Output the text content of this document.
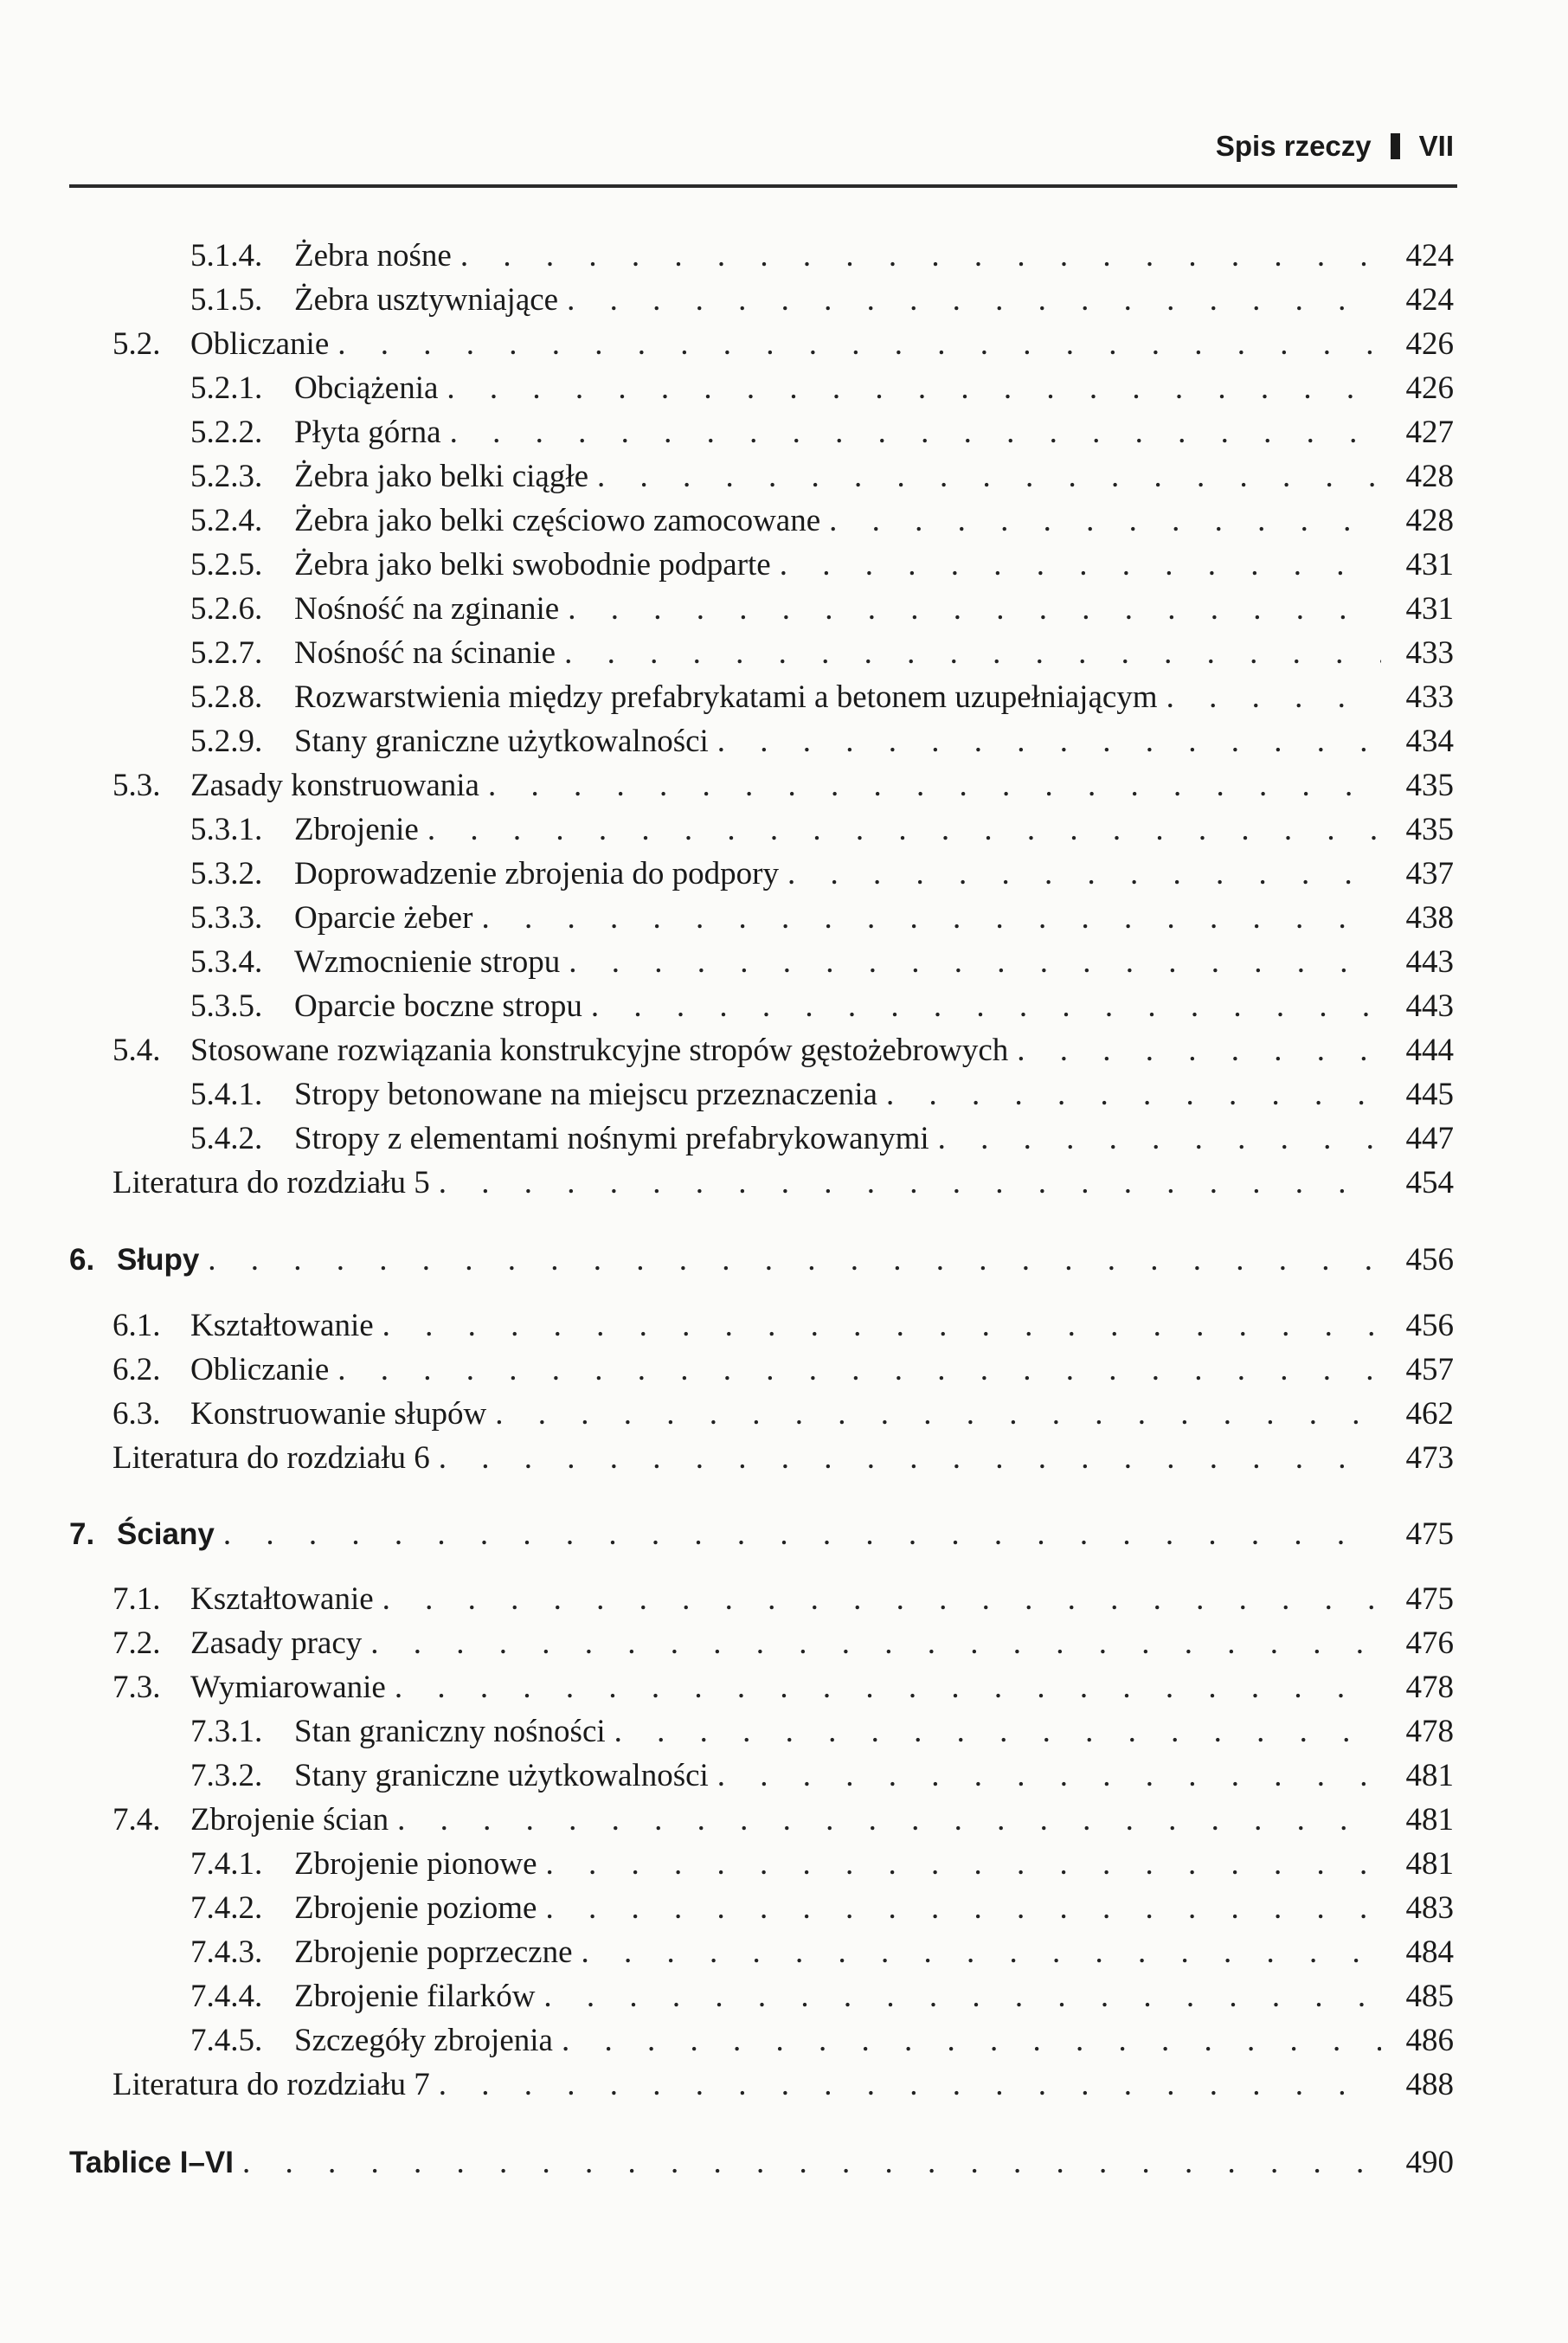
Spis rzeczy VII
5.1.4. Żebra nośne . . .	424
5.1.5. Żebra usztywniające . . .	424
5.2. Obliczanie . . .	426
5.2.1. Obciążenia . . .	426
5.2.2. Płyta górna . . .	427
5.2.3. Żebra jako belki ciągłe . . .	428
5.2.4. Żebra jako belki częściowo zamocowane . . .	428
5.2.5. Żebra jako belki swobodnie podparte . . .	431
5.2.6. Nośność na zginanie . . .	431
5.2.7. Nośność na ścinanie . . .	433
5.2.8. Rozwarstwienia między prefabrykatami a betonem uzupełniającym . . .	433
5.2.9. Stany graniczne użytkowalności . . .	434
5.3. Zasady konstruowania . . .	435
5.3.1. Zbrojenie . . .	435
5.3.2. Doprowadzenie zbrojenia do podpory . . .	437
5.3.3. Oparcie żeber . . .	438
5.3.4. Wzmocnienie stropu . . .	443
5.3.5. Oparcie boczne stropu . . .	443
5.4. Stosowane rozwiązania konstrukcyjne stropów gęstożebrowych . . .	444
5.4.1. Stropy betonowane na miejscu przeznaczenia . . .	445
5.4.2. Stropy z elementami nośnymi prefabrykowanymi . . .	447
Literatura do rozdziału 5 . . .	454
6. Słupy . . .	456
6.1. Kształtowanie . . .	456
6.2. Obliczanie . . .	457
6.3. Konstruowanie słupów . . .	462
Literatura do rozdziału 6 . . .	473
7. Ściany . . .	475
7.1. Kształtowanie . . .	475
7.2. Zasady pracy . . .	476
7.3. Wymiarowanie . . .	478
7.3.1. Stan graniczny nośności . . .	478
7.3.2. Stany graniczne użytkowalności . . .	481
7.4. Zbrojenie ścian . . .	481
7.4.1. Zbrojenie pionowe . . .	481
7.4.2. Zbrojenie poziome . . .	483
7.4.3. Zbrojenie poprzeczne . . .	484
7.4.4. Zbrojenie filarków . . .	485
7.4.5. Szczegóły zbrojenia . . .	486
Literatura do rozdziału 7 . . .	488
Tablice I–VI . . .	490
